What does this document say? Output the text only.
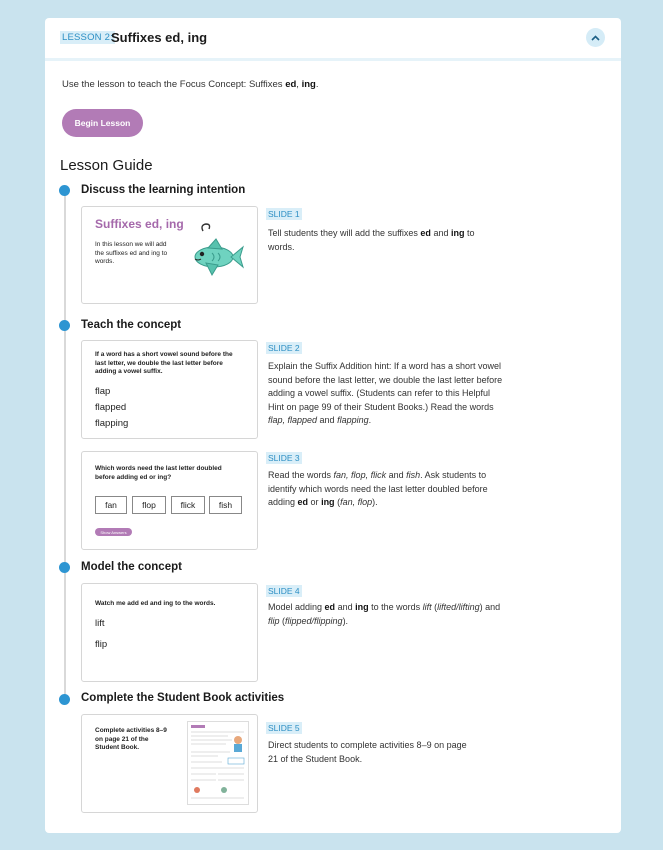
LESSON 2:
Suffixes ed, ing
Use the lesson to teach the Focus Concept: Suffixes ed, ing.
Begin Lesson
Lesson Guide
Discuss the learning intention
Suffixes ed, ing
In this lesson we will add the suffixes ed and ing to words.
SLIDE 1
Tell students they will add the suffixes ed and ing to words.
Teach the concept
If a word has a short vowel sound before the last letter, we double the last letter before adding a vowel suffix.
flap
flapped
flapping
SLIDE 2
Explain the Suffix Addition hint: If a word has a short vowel sound before the last letter, we double the last letter before adding a vowel suffix. (Students can refer to this Helpful Hint on page 99 of their Student Books.) Read the words flap, flapped and flapping.
Which words need the last letter doubled before adding ed or ing?
fan	flop	flick	fish
Show Answers
SLIDE 3
Read the words fan, flop, flick and fish. Ask students to identify which words need the last letter doubled before adding ed or ing (fan, flop).
Model the concept
Watch me add ed and ing to the words.
lift
flip
SLIDE 4
Model adding ed and ing to the words lift (lifted/lifting) and flip (flipped/flipping).
Complete the Student Book activities
Complete activities 8–9 on page 21 of the Student Book.
SLIDE 5
Direct students to complete activities 8–9 on page 21 of the Student Book.
